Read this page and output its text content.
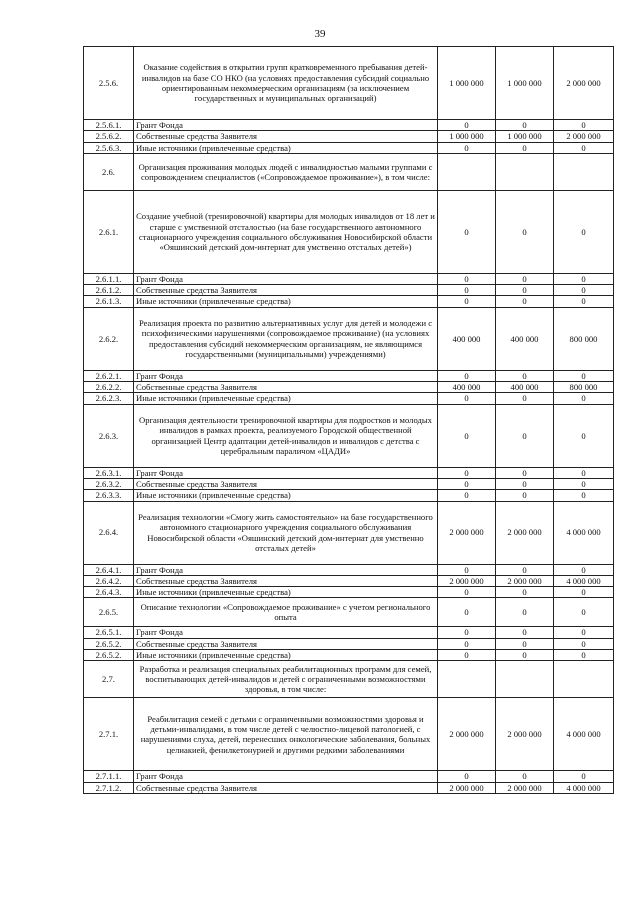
39
2.5.6.	Оказание содействия в открытии групп кратковременного пребывания детей-инвалидов на базе СО НКО (на условиях предоставления субсидий социально ориентированным некоммерческим организациям (за исключением государственных и муниципальных организаций)	1 000 000	1 000 000	2 000 000
2.5.6.1.	Грант Фонда	0	0	0
2.5.6.2.	Собственные средства Заявителя	1 000 000	1 000 000	2 000 000
2.5.6.3.	Иные источники (привлеченные средства)	0	0	0
2.6.	Организация проживания молодых людей с инвалидностью малыми группами с сопровождением специалистов («Сопровождаемое проживание»), в том числе:			
2.6.1.	Создание учебной (тренировочной) квартиры для молодых инвалидов от 18 лет и старше с умственной отсталостью (на базе государственного автономного стационарного учреждения социального обслуживания Новосибирской области «Ояшинский детский дом-интернат для умственно отсталых детей»)	0	0	0
2.6.1.1.	Грант Фонда	0	0	0
2.6.1.2.	Собственные средства Заявителя	0	0	0
2.6.1.3.	Иные источники (привлеченные средства)	0	0	0
2.6.2.	Реализация проекта по развитию альтернативных услуг для детей и молодежи с психофизическими нарушениями (сопровождаемое проживание) (на условиях предоставления субсидий некоммерческим организациям, не являющимся государственными (муниципальными) учреждениями)	400 000	400 000	800 000
2.6.2.1.	Грант Фонда	0	0	0
2.6.2.2.	Собственные средства Заявителя	400 000	400 000	800 000
2.6.2.3.	Иные источники (привлеченные средства)	0	0	0
2.6.3.	Организация деятельности тренировочной квартиры для подростков и молодых инвалидов в рамках проекта, реализуемого Городской общественной организацией Центр адаптации детей-инвалидов и инвалидов с детства с церебральным параличом «ЦАДИ»	0	0	0
2.6.3.1.	Грант Фонда	0	0	0
2.6.3.2.	Собственные средства Заявителя	0	0	0
2.6.3.3.	Иные источники (привлеченные средства)	0	0	0
2.6.4.	Реализация технологии «Смогу жить самостоятельно» на базе государственного автономного стационарного учреждения социального обслуживания Новосибирской области «Ояшинский детский дом-интернат для умственно отсталых детей»	2 000 000	2 000 000	4 000 000
2.6.4.1.	Грант Фонда	0	0	0
2.6.4.2.	Собственные средства Заявителя	2 000 000	2 000 000	4 000 000
2.6.4.3.	Иные источники (привлеченные средства)	0	0	0
2.6.5.	Описание технологии «Сопровождаемое проживание» с учетом регионального опыта	0	0	0
2.6.5.1.	Грант Фонда	0	0	0
2.6.5.2.	Собственные средства Заявителя	0	0	0
2.6.5.2.	Иные источники (привлеченные средства)	0	0	0
2.7.	Разработка и реализация специальных реабилитационных программ для семей, воспитывающих детей-инвалидов и детей с ограниченными возможностями здоровья, в том числе:			
2.7.1.	Реабилитация семей с детьми с ограниченными возможностями здоровья и детьми-инвалидами, в том числе детей с челюстно-лицевой патологией, с нарушениями слуха, детей, перенесших онкологические заболевания, больных целиакией, фенилкетонурией и другими редкими заболеваниями	2 000 000	2 000 000	4 000 000
2.7.1.1.	Грант Фонда	0	0	0
2.7.1.2.	Собственные средства Заявителя	2 000 000	2 000 000	4 000 000
